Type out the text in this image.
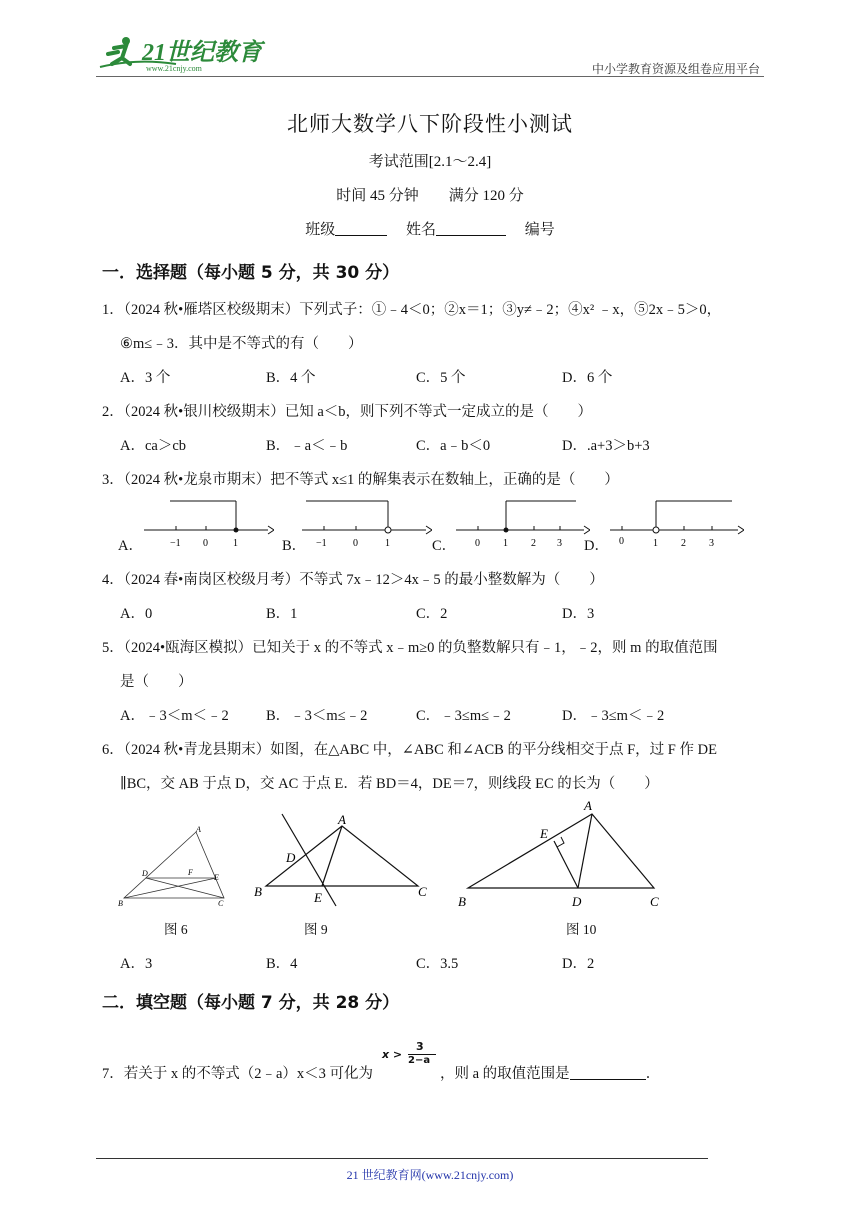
21世纪教育
www.21cnjy.com	中小学教育资源及组卷应用平台
北师大数学八下阶段性小测试
考试范围[2.1～2.4]
时间 45 分钟　　满分 120 分
班级	姓名	编号
一．选择题（每小题 5 分，共 30 分）
1．（2024 秋•雁塔区校级期末）下列式子：①﹣4＜0；②x＝1；③y≠﹣2；④x² ﹣x，⑤2x﹣5＞0，
⑥m≤﹣3．其中是不等式的有（　　）
A．3 个	B．4 个	C．5 个	D．6 个
2．（2024 秋•银川校级期末）已知 a＜b，则下列不等式一定成立的是（　　）
A．ca＞cb	B．﹣a＜﹣b	C．a﹣b＜0	D．.a+3＞b+3
3．（2024 秋•龙泉市期末）把不等式 x≤1 的解集表示在数轴上，正确的是（　　）
A．	B．	C．	D．
−1 0	1	−1	0	1	0 1 2 3	0	1 2 3
4．（2024 春•南岗区校级月考）不等式 7x﹣12＞4x﹣5 的最小整数解为（　　）
A．0	B．1	C．2	D．3
5．（2024•瓯海区模拟）已知关于 x 的不等式 x﹣m≥0 的负整数解只有﹣1，﹣2，则 m 的取值范围
是（　　）
A．﹣3＜m＜﹣2	B．﹣3＜m≤﹣2	C．﹣3≤m≤﹣2	D．﹣3≤m＜﹣2
6．（2024 秋•青龙县期末）如图，在△ABC 中，∠ABC 和∠ACB 的平分线相交于点 F，过 F 作 DE
∥BC，交 AB 于点 D，交 AC 于点 E．若 BD＝4，DE＝7，则线段 EC 的长为（　　）
A
D	F
E
B	C
图 6
A
D
B	E	C
图 9
A
E
B	D	C
图 10
A．3	B．4	C．3.5	D．2
二．填空题（每小题 7 分，共 28 分）
7．若关于 x 的不等式（2﹣a）x＜3 可化为
x >
3
2−a
，则 a 的取值范围是	．
21 世纪教育网(www.21cnjy.com)
